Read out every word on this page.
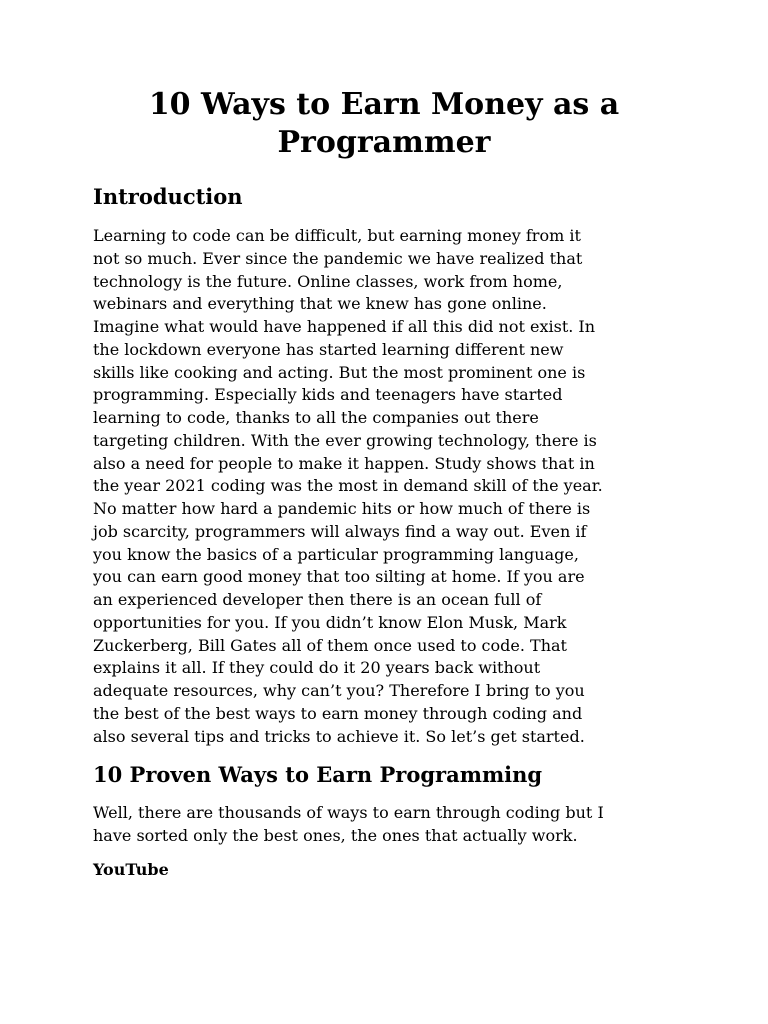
10 Ways to Earn Money as a
Programmer
Introduction

Learning to code can be difficult, but earning money from it
not so much. Ever since the pandemic we have realized that
technology is the future. Online classes, work from home,
webinars and everything that we knew has gone online.
Imagine what would have happened if all this did not exist. In
the lockdown everyone has started learning different new
skills like cooking and acting. But the most prominent one is
programming. Especially kids and teenagers have started
learning to code, thanks to all the companies out there
targeting children. With the ever growing technology, there is
also a need for people to make it happen. Study shows that in
the year 2021 coding was the most in demand skill of the year.
No matter how hard a pandemic hits or how much of there is
job scarcity, programmers will always find a way out. Even if
you know the basics of a particular programming language,
you can earn good money that too silting at home. If you are
an experienced developer then there is an ocean full of
opportunities for you. If you didn’t know Elon Musk, Mark
Zuckerberg, Bill Gates all of them once used to code. That
explains it all. If they could do it 20 years back without
adequate resources, why can’t you? Therefore I bring to you
the best of the best ways to earn money through coding and
also several tips and tricks to achieve it. So let’s get started.

10 Proven Ways to Earn Programming

Well, there are thousands of ways to earn through coding but I
have sorted only the best ones, the ones that actually work.

YouTube
